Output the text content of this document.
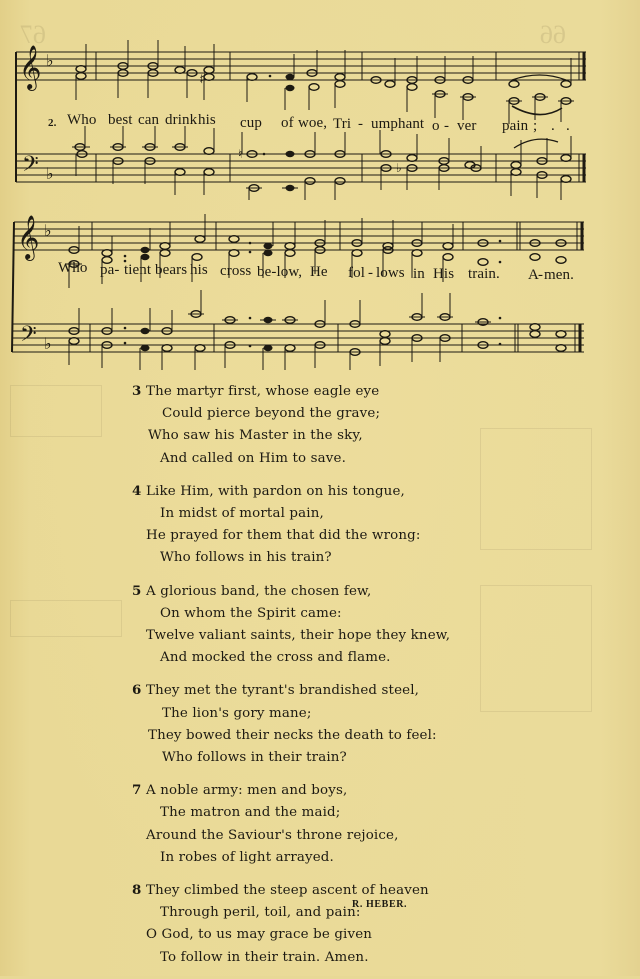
67	66
𝄞 ♭
𝄢 ♭
♯
♮
♭
2. Who best can drink his cup of woe, Tri - umphant o - ver pain ; . .
𝄞 ♭
𝄢 ♭
Who pa- tient bears his cross be-low, He fol - lows in His train. A - men.
3 The martyr first, whose eagle eye
Could pierce beyond the grave;
Who saw his Master in the sky,
And called on Him to save.
4 Like Him, with pardon on his tongue,
In midst of mortal pain,
He prayed for them that did the wrong:
Who follows in his train?
5 A glorious band, the chosen few,
On whom the Spirit came:
Twelve valiant saints, their hope they knew,
And mocked the cross and flame.
6 They met the tyrant's brandished steel,
The lion's gory mane;
They bowed their necks the death to feel:
Who follows in their train?
7 A noble army: men and boys,
The matron and the maid;
Around the Saviour's throne rejoice,
In robes of light arrayed.
8 They climbed the steep ascent of heaven
Through peril, toil, and pain:
O God, to us may grace be given
To follow in their train. Amen.
R. HEBER.
